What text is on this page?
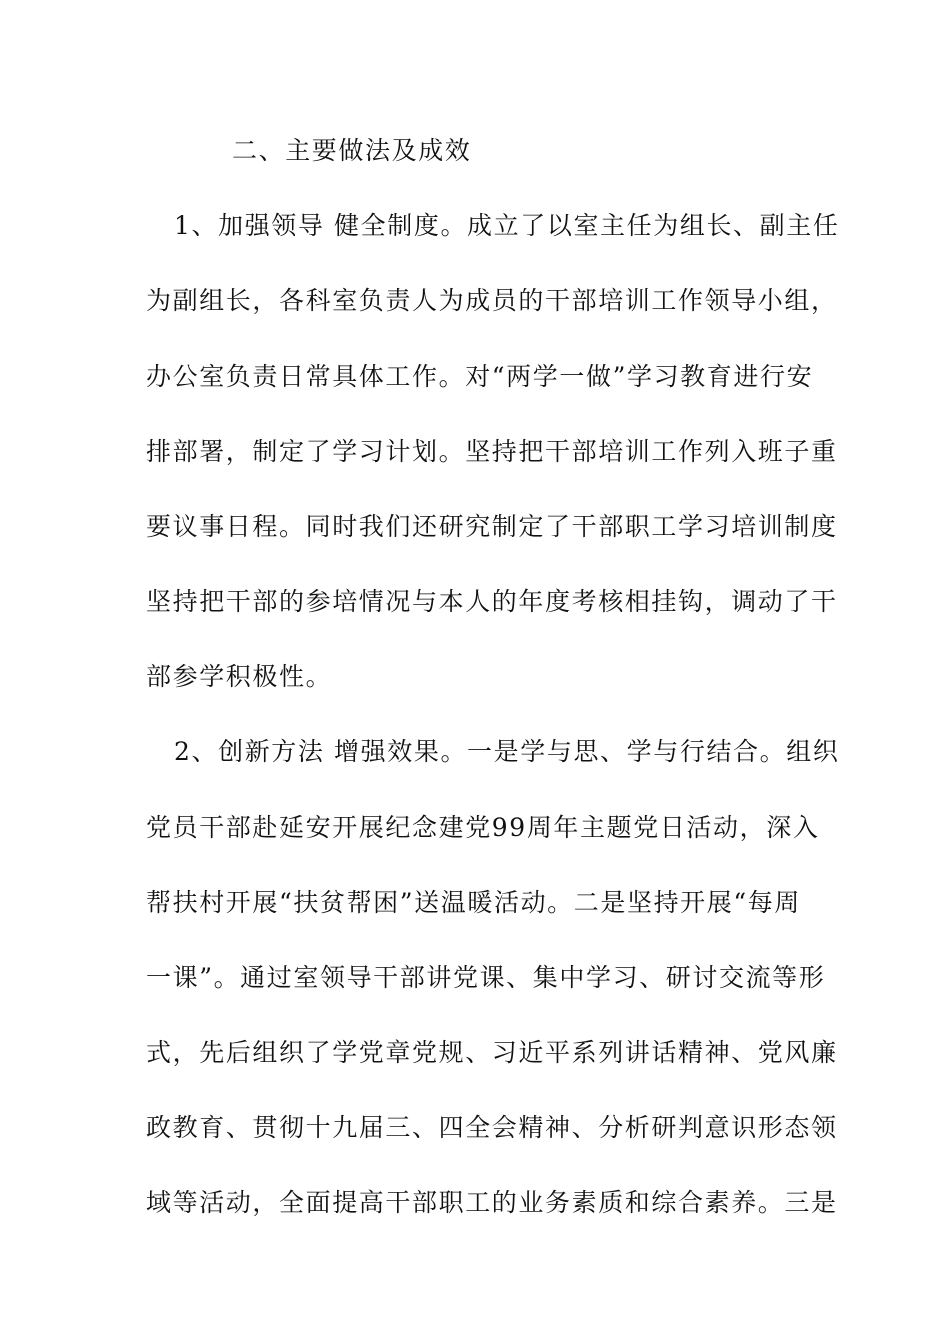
二、主要做法及成效
1、加强领导 健全制度。成立了以室主任为组长、副主任
为副组长，各科室负责人为成员的干部培训工作领导小组，
办公室负责日常具体工作。对“两学一做”学习教育进行安
排部署，制定了学习计划。坚持把干部培训工作列入班子重
要议事日程。同时我们还研究制定了干部职工学习培训制度
坚持把干部的参培情况与本人的年度考核相挂钩，调动了干
部参学积极性。
2、创新方法 增强效果。一是学与思、学与行结合。组织
党员干部赴延安开展纪念建党99周年主题党日活动，深入
帮扶村开展“扶贫帮困”送温暖活动。二是坚持开展“每周
一课”。通过室领导干部讲党课、集中学习、研讨交流等形
式，先后组织了学党章党规、习近平系列讲话精神、党风廉
政教育、贯彻十九届三、四全会精神、分析研判意识形态领
域等活动，全面提高干部职工的业务素质和综合素养。三是
